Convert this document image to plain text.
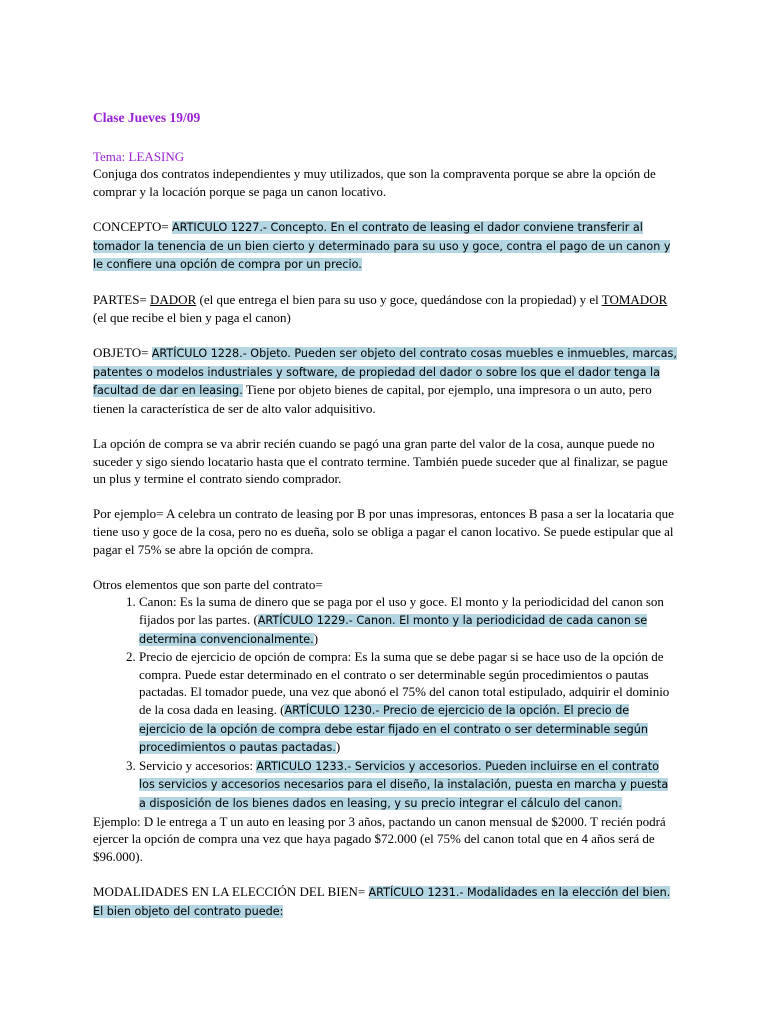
Clase Jueves 19/09

Tema: LEASING

Conjuga dos contratos independientes y muy utilizados, que son la compraventa porque se abre la opción de comprar y la locación porque se paga un canon locativo.

CONCEPTO= ARTICULO 1227.- Concepto. En el contrato de leasing el dador conviene transferir al tomador la tenencia de un bien cierto y determinado para su uso y goce, contra el pago de un canon y le confiere una opción de compra por un precio.

PARTES= DADOR (el que entrega el bien para su uso y goce, quedándose con la propiedad) y el TOMADOR (el que recibe el bien y paga el canon)

OBJETO= ARTÍCULO 1228.- Objeto. Pueden ser objeto del contrato cosas muebles e inmuebles, marcas, patentes o modelos industriales y software, de propiedad del dador o sobre los que el dador tenga la facultad de dar en leasing. Tiene por objeto bienes de capital, por ejemplo, una impresora o un auto, pero tienen la característica de ser de alto valor adquisitivo.

La opción de compra se va abrir recién cuando se pagó una gran parte del valor de la cosa, aunque puede no suceder y sigo siendo locatario hasta que el contrato termine. También puede suceder que al finalizar, se pague un plus y termine el contrato siendo comprador.

Por ejemplo= A celebra un contrato de leasing por B por unas impresoras, entonces B pasa a ser la locataria que tiene uso y goce de la cosa, pero no es dueña, solo se obliga a pagar el canon locativo. Se puede estipular que al pagar el 75% se abre la opción de compra.

Otros elementos que son parte del contrato=

1. Canon: Es la suma de dinero que se paga por el uso y goce. El monto y la periodicidad del canon son fijados por las partes. (ARTÍCULO 1229.- Canon. El monto y la periodicidad de cada canon se determina convencionalmente.)
2. Precio de ejercicio de opción de compra: Es la suma que se debe pagar si se hace uso de la opción de compra. Puede estar determinado en el contrato o ser determinable según procedimientos o pautas pactadas. El tomador puede, una vez que abonó el 75% del canon total estipulado, adquirir el dominio de la cosa dada en leasing. (ARTÍCULO 1230.- Precio de ejercicio de la opción. El precio de ejercicio de la opción de compra debe estar fijado en el contrato o ser determinable según procedimientos o pautas pactadas.)
3. Servicio y accesorios: ARTICULO 1233.- Servicios y accesorios. Pueden incluirse en el contrato los servicios y accesorios necesarios para el diseño, la instalación, puesta en marcha y puesta a disposición de los bienes dados en leasing, y su precio integrar el cálculo del canon.

Ejemplo: D le entrega a T un auto en leasing por 3 años, pactando un canon mensual de $2000. T recién podrá ejercer la opción de compra una vez que haya pagado $72.000 (el 75% del canon total que en 4 años será de $96.000).

MODALIDADES EN LA ELECCIÓN DEL BIEN= ARTÍCULO 1231.- Modalidades en la elección del bien. El bien objeto del contrato puede:
